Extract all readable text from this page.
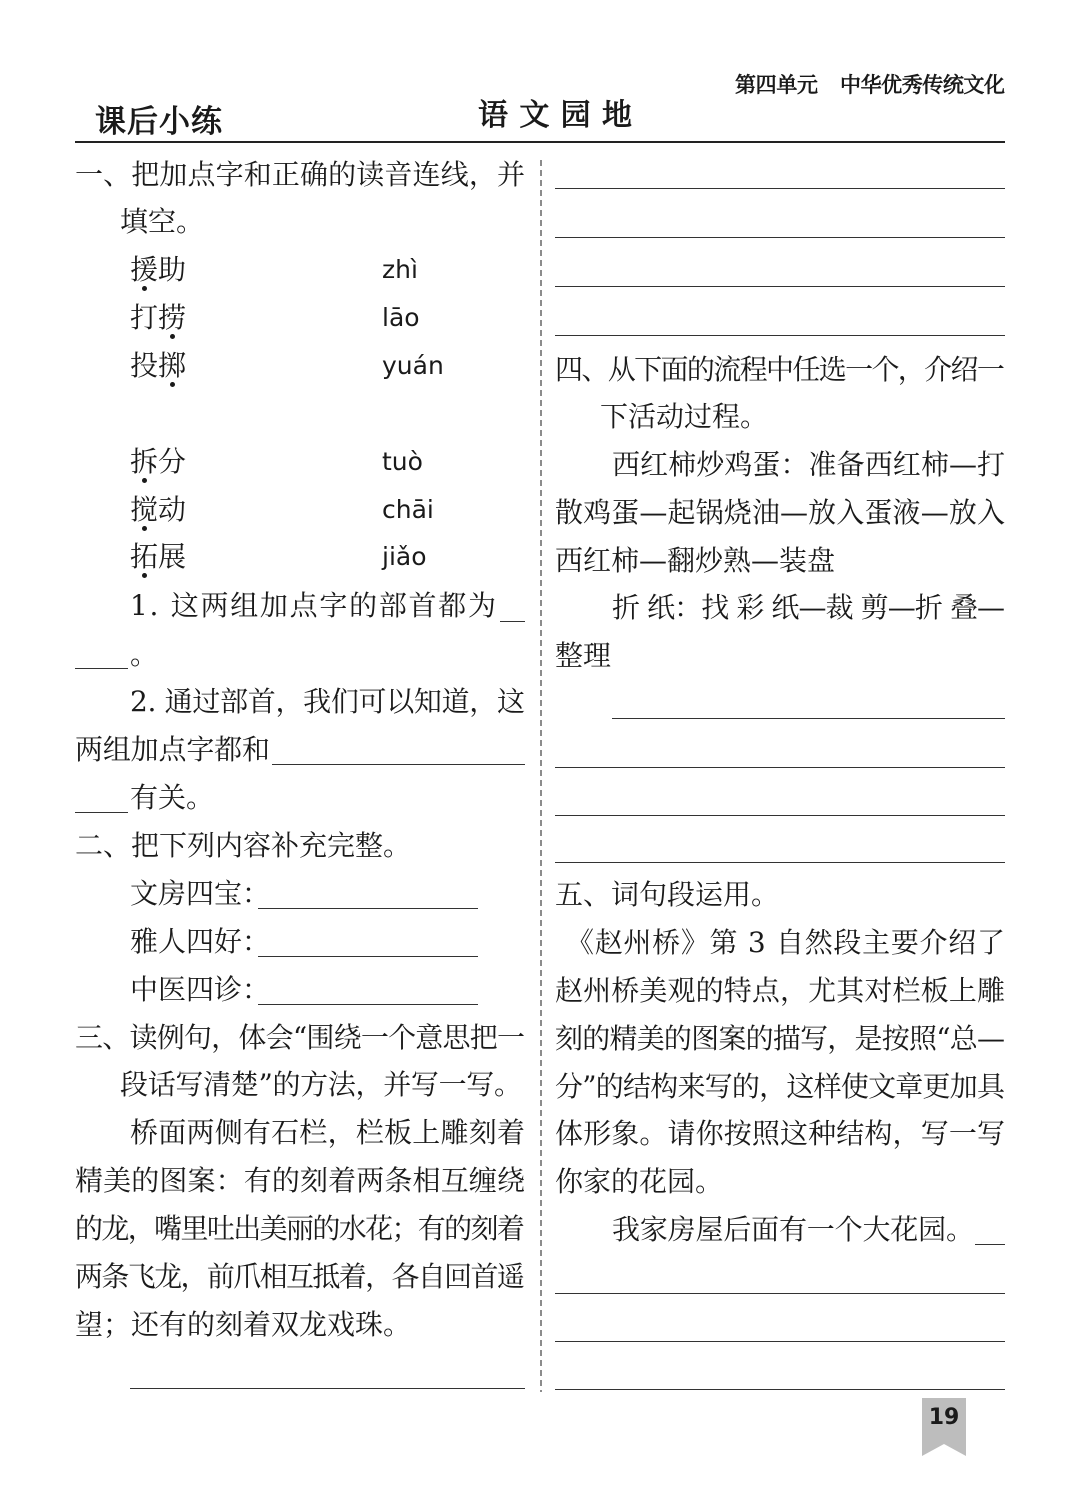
第四单元 中华优秀传统文化
课后小练	语 文 园 地
一、把加点字和正确的读音连线，并
填空。
援助	zhì
打捞	lāo
投掷	yuán
拆分	tuò
搅动	chāi
拓展	jiǎo
1. 这两组加点字的部首都为
。
2. 通过部首，我们可以知道，这
两组加点字都和
有关。
二、把下列内容补充完整。
文房四宝：
雅人四好：
中医四诊：
三、读例句，体会“围绕一个意思把一
段话写清楚”的方法，并写一写。
桥面两侧有石栏，栏板上雕刻着
精美的图案：有的刻着两条相互缠绕
的龙，嘴里吐出美丽的水花；有的刻着
两条飞龙，前爪相互抵着，各自回首遥
望；还有的刻着双龙戏珠。
四、从下面的流程中任选一个，介绍一
下活动过程。
西红柿炒鸡蛋：准备西红柿—打
散鸡蛋—起锅烧油—放入蛋液—放入
西红柿—翻炒熟—装盘
折 纸：找 彩 纸—裁 剪—折 叠—
整理
五、词句段运用。
《赵州桥》第 3 自然段主要介绍了
赵州桥美观的特点，尤其对栏板上雕
刻的精美的图案的描写，是按照“总—
分”的结构来写的，这样使文章更加具
体形象。请你按照这种结构，写一写
你家的花园。
我家房屋后面有一个大花园。
19
